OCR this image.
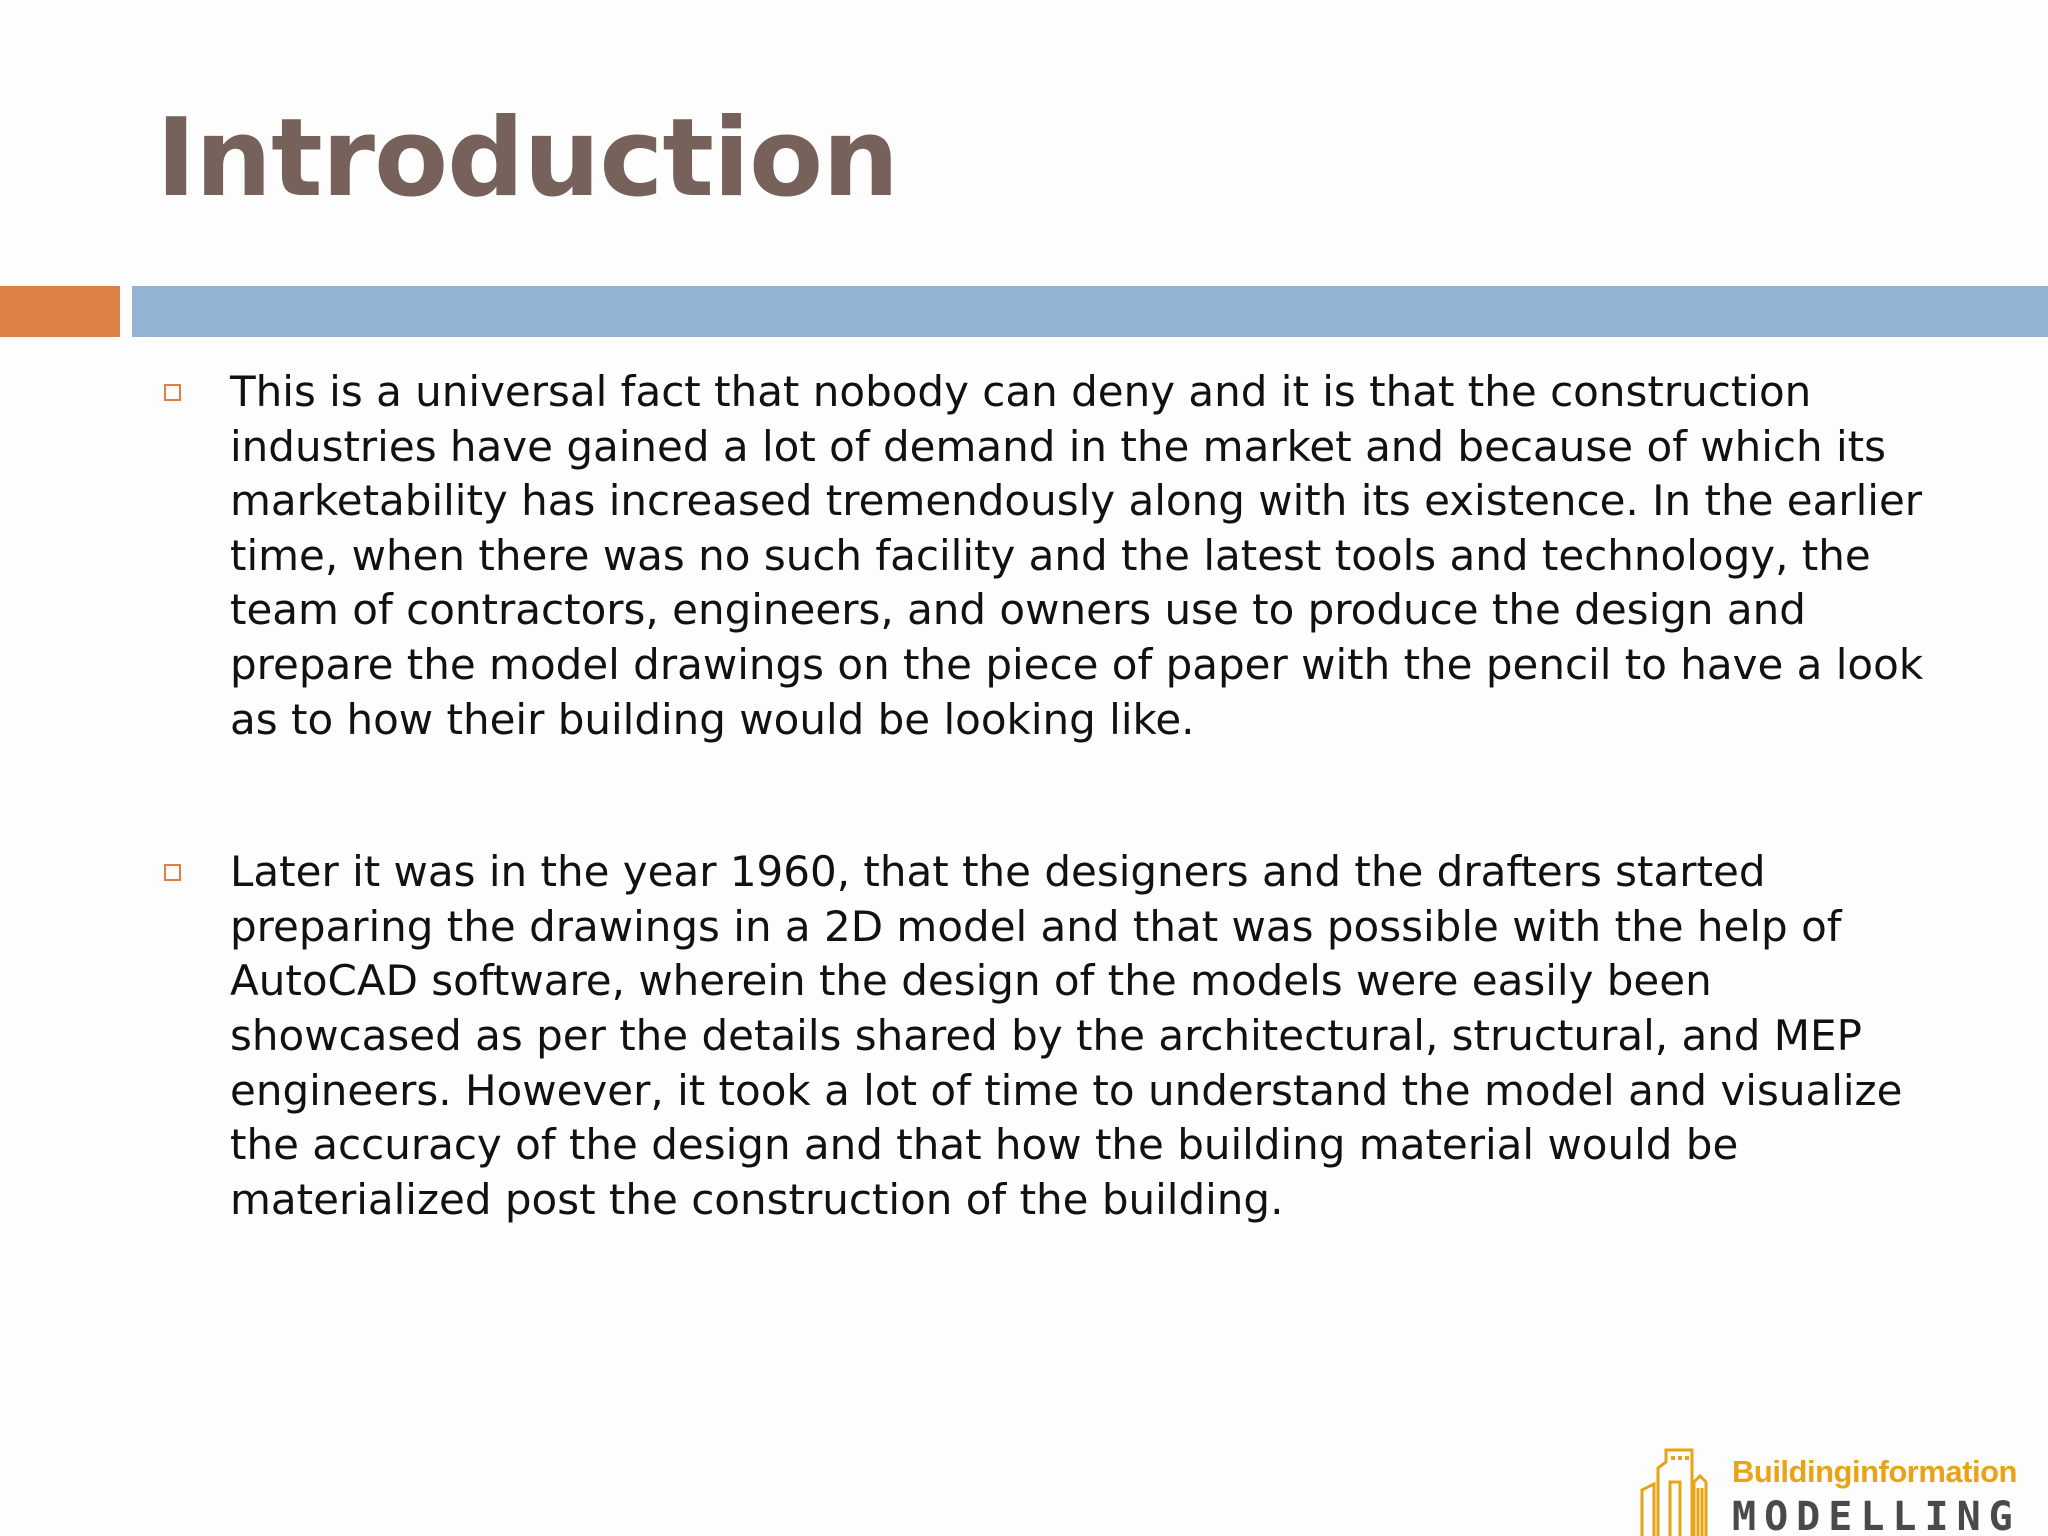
Introduction
This is a universal fact that nobody can deny and it is that the construction industries have gained a lot of demand in the market and because of which its marketability has increased tremendously along with its existence. In the earlier time, when there was no such facility and the latest tools and technology, the team of contractors, engineers, and owners use to produce the design and prepare the model drawings on the piece of paper with the pencil to have a look as to how their building would be looking like.
Later it was in the year 1960, that the designers and the drafters started preparing the drawings in a 2D model and that was possible with the help of AutoCAD software, wherein the design of the models were easily been showcased as per the details shared by the architectural, structural, and MEP engineers. However, it took a lot of time to understand the model and visualize the accuracy of the design and that how the building material would be materialized post the construction of the building.
Buildinginformation
MODELLING
